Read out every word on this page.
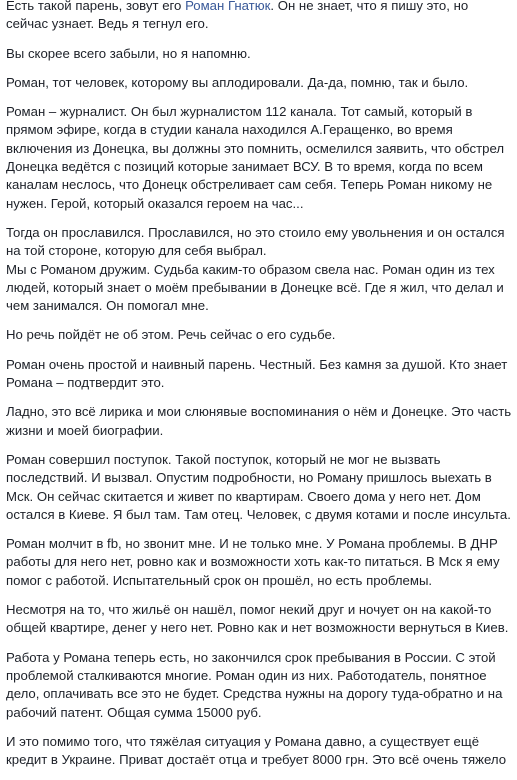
Есть такой парень, зовут его Роман Гнатюк. Он не знает, что я пишу это, но сейчас узнает. Ведь я тегнул его.

Вы скорее всего забыли, но я напомню.

Роман, тот человек, которому вы аплодировали. Да-да, помню, так и было.

Роман – журналист. Он был журналистом 112 канала. Тот самый, который в прямом эфире, когда в студии канала находился А.Геращенко, во время включения из Донецка, вы должны это помнить, осмелился заявить, что обстрел Донецка ведётся с позиций которые занимает ВСУ. В то время, когда по всем каналам неслось, что Донецк обстреливает сам себя. Теперь Роман никому не нужен. Герой, который оказался героем на час...

Тогда он прославился. Прославился, но это стоило ему увольнения и он остался на той стороне, которую для себя выбрал.
Мы с Романом дружим. Судьба каким-то образом свела нас. Роман один из тех людей, который знает о моём пребывании в Донецке всё. Где я жил, что делал и чем занимался. Он помогал мне.

Но речь пойдёт не об этом. Речь сейчас о его судьбе.

Роман очень простой и наивный парень. Честный. Без камня за душой. Кто знает Романа – подтвердит это.

Ладно, это всё лирика и мои слюнявые воспоминания о нём и Донецке. Это часть жизни и моей биографии.

Роман совершил поступок. Такой поступок, который не мог не вызвать последствий. И вызвал. Опустим подробности, но Роману пришлось выехать в Мск. Он сейчас скитается и живет по квартирам. Своего дома у него нет. Дом остался в Киеве. Я был там. Там отец. Человек, с двумя котами и после инсульта.

Роман молчит в fb, но звонит мне. И не только мне. У Романа проблемы. В ДНР работы для него нет, ровно как и возможности хоть как-то питаться. В Мск я ему помог с работой. Испытательный срок он прошёл, но есть проблемы.

Несмотря на то, что жильё он нашёл, помог некий друг и ночует он на какой-то общей квартире, денег у него нет. Ровно как и нет возможности вернуться в Киев.

Работа у Романа теперь есть, но закончился срок пребывания в России. С этой проблемой сталкиваются многие. Роман один из них. Работодатель, понятное дело, оплачивать все это не будет. Средства нужны на дорогу туда-обратно и на рабочий патент. Общая сумма 15000 руб.

И это помимо того, что тяжёлая ситуация у Романа давно, а существует ещё кредит в Украине. Приват достаёт отца и требует 8000 грн. Это всё очень тяжело
